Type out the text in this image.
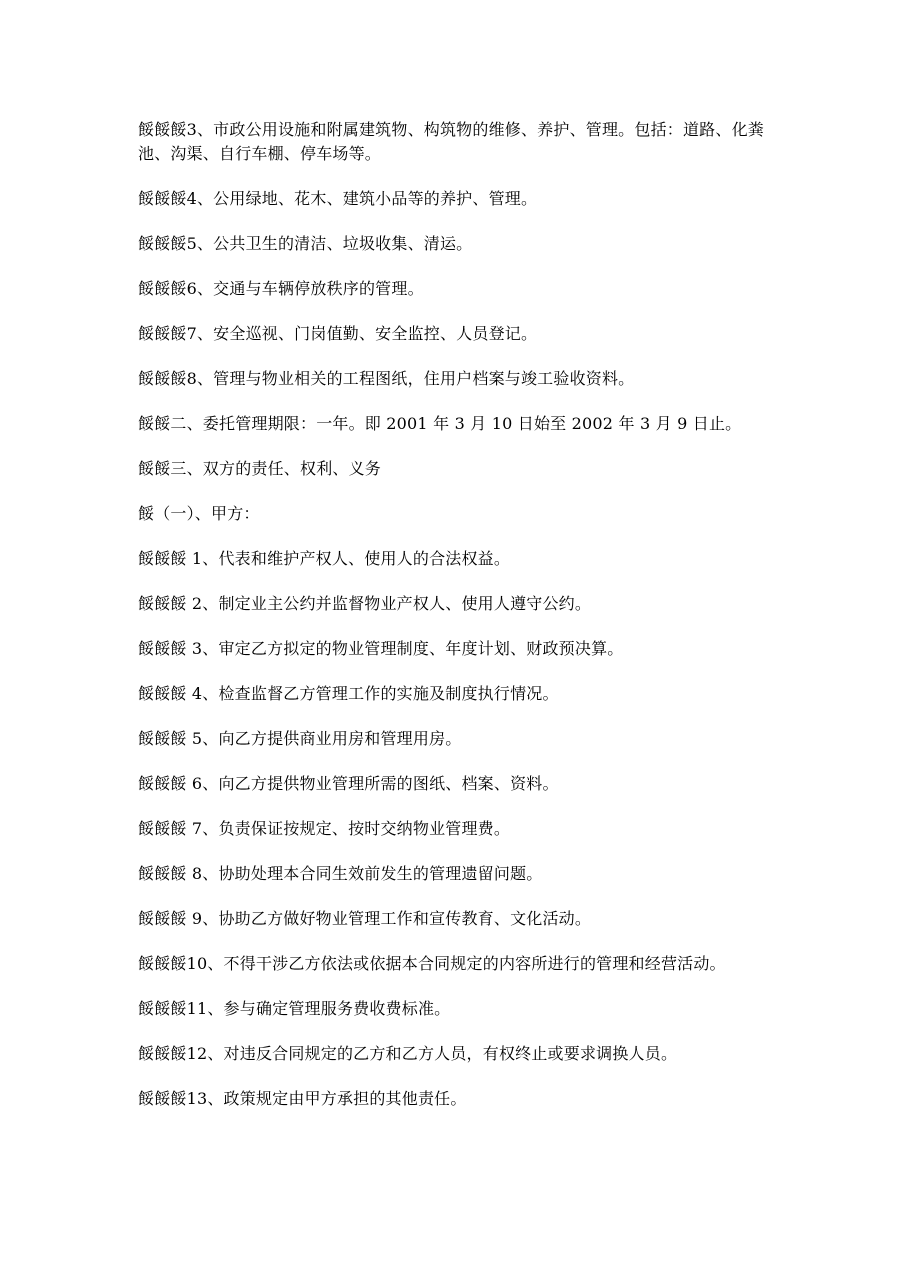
餒餒餒3、市政公用设施和附属建筑物、构筑物的维修、养护、管理。包括：道路、化粪池、沟渠、自行车棚、停车场等。

餒餒餒4、公用绿地、花木、建筑小品等的养护、管理。

餒餒餒5、公共卫生的清洁、垃圾收集、清运。

餒餒餒6、交通与车辆停放秩序的管理。

餒餒餒7、安全巡视、门岗值勤、安全监控、人员登记。

餒餒餒8、管理与物业相关的工程图纸，住用户档案与竣工验收资料。

餒餒二、委托管理期限：一年。即 2001 年 3 月 10 日始至 2002 年 3 月 9 日止。

餒餒三、双方的责任、权利、义务

餒（一）、甲方：

餒餒餒 1、代表和维护产权人、使用人的合法权益。

餒餒餒 2、制定业主公约并监督物业产权人、使用人遵守公约。

餒餒餒 3、审定乙方拟定的物业管理制度、年度计划、财政预决算。

餒餒餒 4、检查监督乙方管理工作的实施及制度执行情况。

餒餒餒 5、向乙方提供商业用房和管理用房。

餒餒餒 6、向乙方提供物业管理所需的图纸、档案、资料。

餒餒餒 7、负责保证按规定、按时交纳物业管理费。

餒餒餒 8、协助处理本合同生效前发生的管理遗留问题。

餒餒餒 9、协助乙方做好物业管理工作和宣传教育、文化活动。

餒餒餒10、不得干涉乙方依法或依据本合同规定的内容所进行的管理和经营活动。

餒餒餒11、参与确定管理服务费收费标准。

餒餒餒12、对违反合同规定的乙方和乙方人员，有权终止或要求调换人员。

餒餒餒13、政策规定由甲方承担的其他责任。
